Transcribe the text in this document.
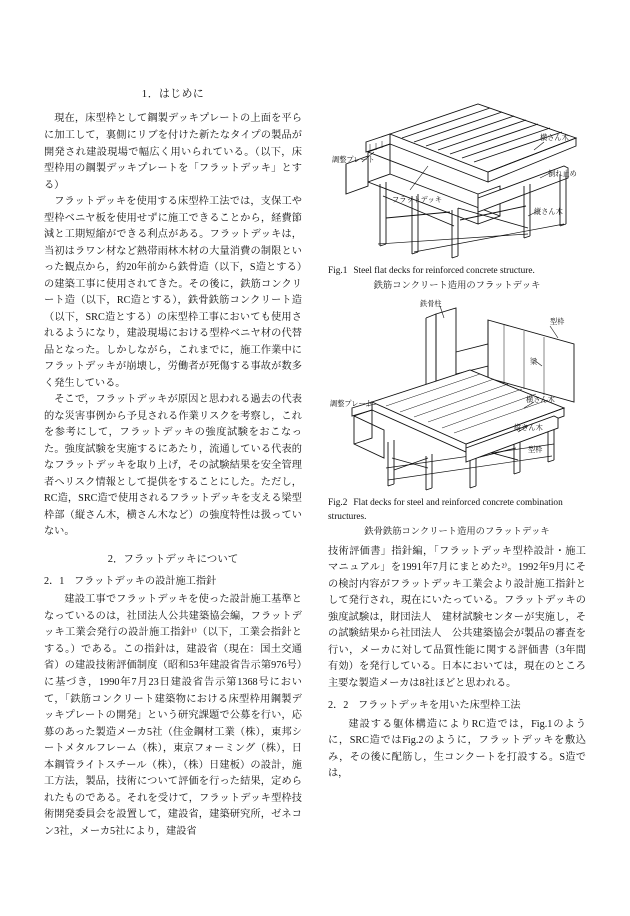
1．はじめに

現在，床型枠として鋼製デッキプレートの上面を平らに加工して，裏側にリブを付けた新たなタイプの製品が開発され建設現場で幅広く用いられている。（以下，床型枠用の鋼製デッキプレートを「フラットデッキ」とする）

フラットデッキを使用する床型枠工法では，支保工や型枠ベニヤ板を使用せずに施工できることから，経費節減と工期短縮ができる利点がある。フラットデッキは，当初はラワン材など熱帯雨林木材の大量消費の制限といった観点から，約20年前から鉄骨造（以下，S造とする）の建築工事に使用されてきた。その後に，鉄筋コンクリート造（以下，RC造とする），鉄骨鉄筋コンクリート造（以下，SRC造とする）の床型枠工事においても使用されるようになり，建設現場における型枠ベニヤ材の代替品となった。しかしながら，これまでに，施工作業中にフラットデッキが崩壊し，労働者が死傷する事故が数多く発生している。

そこで，フラットデッキが原因と思われる過去の代表的な災害事例から予見される作業リスクを考察し，これを参考にして，フラットデッキの強度試験をおこなった。強度試験を実施するにあたり，流通している代表的なフラットデッキを取り上げ，その試験結果を安全管理者へリスク情報として提供をすることにした。ただし，RC造，SRC造で使用されるフラットデッキを支える梁型枠部（縦さん木，横さん木など）の強度特性は扱っていない。

2．フラットデッキについて

2．1 フラットデッキの設計施工指針

建設工事でフラットデッキを使った設計施工基準となっているのは，社団法人公共建築協会編，フラットデッキ工業会発行の設計施工指針¹⁾（以下，工業会指針とする。）である。この指針は，建設省（現在：国土交通省）の建設技術評価制度（昭和53年建設省告示第976号）に基づき，1990年7月23日建設省告示第1368号において，「鉄筋コンクリート建築物における床型枠用鋼製デッキプレートの開発」という研究課題で公募を行い，応募のあった製造メーカ5社（住金鋼材工業（株），東邦シートメタルフレーム（株），東京フォーミング（株），日本鋼管ライトスチール（株），（株）日建板）の設計，施工方法，製品，技術について評価を行った結果，定められたものである。それを受けて，フラットデッキ型枠技術開発委員会を設置して，建設省，建築研究所，ゼネコン3社，メーカ5社により，建設省

調整プレート
フラットデッキ
横さん木
倒れ止め
縦さん木
Fig.1 Steel flat decks for reinforced concrete structure.
鉄筋コンクリート造用のフラットデッキ
鉄骨柱
型枠
梁
調整プレート	横さん木
縦さん木
型枠
Fig.2 Flat decks for steel and reinforced concrete combination structures.
鉄骨鉄筋コンクリート造用のフラットデッキ

技術評価書」指針編，「フラットデッキ型枠設計・施工マニュアル」を1991年7月にまとめた²⁾。1992年9月にその検討内容がフラットデッキ工業会より設計施工指針として発行され，現在にいたっている。フラットデッキの強度試験は，財団法人　建材試験センターが実施し，その試験結果から社団法人　公共建築協会が製品の審査を行い，メーカに対して品質性能に関する評価書（3年間有効）を発行している。日本においては，現在のところ主要な製造メーカは8社ほどと思われる。

2．2 フラットデッキを用いた床型枠工法

建設する躯体構造によりRC造では，Fig.1のように，SRC造ではFig.2のように，フラットデッキを敷込み，その後に配筋し，生コンクートを打設する。S造では，
